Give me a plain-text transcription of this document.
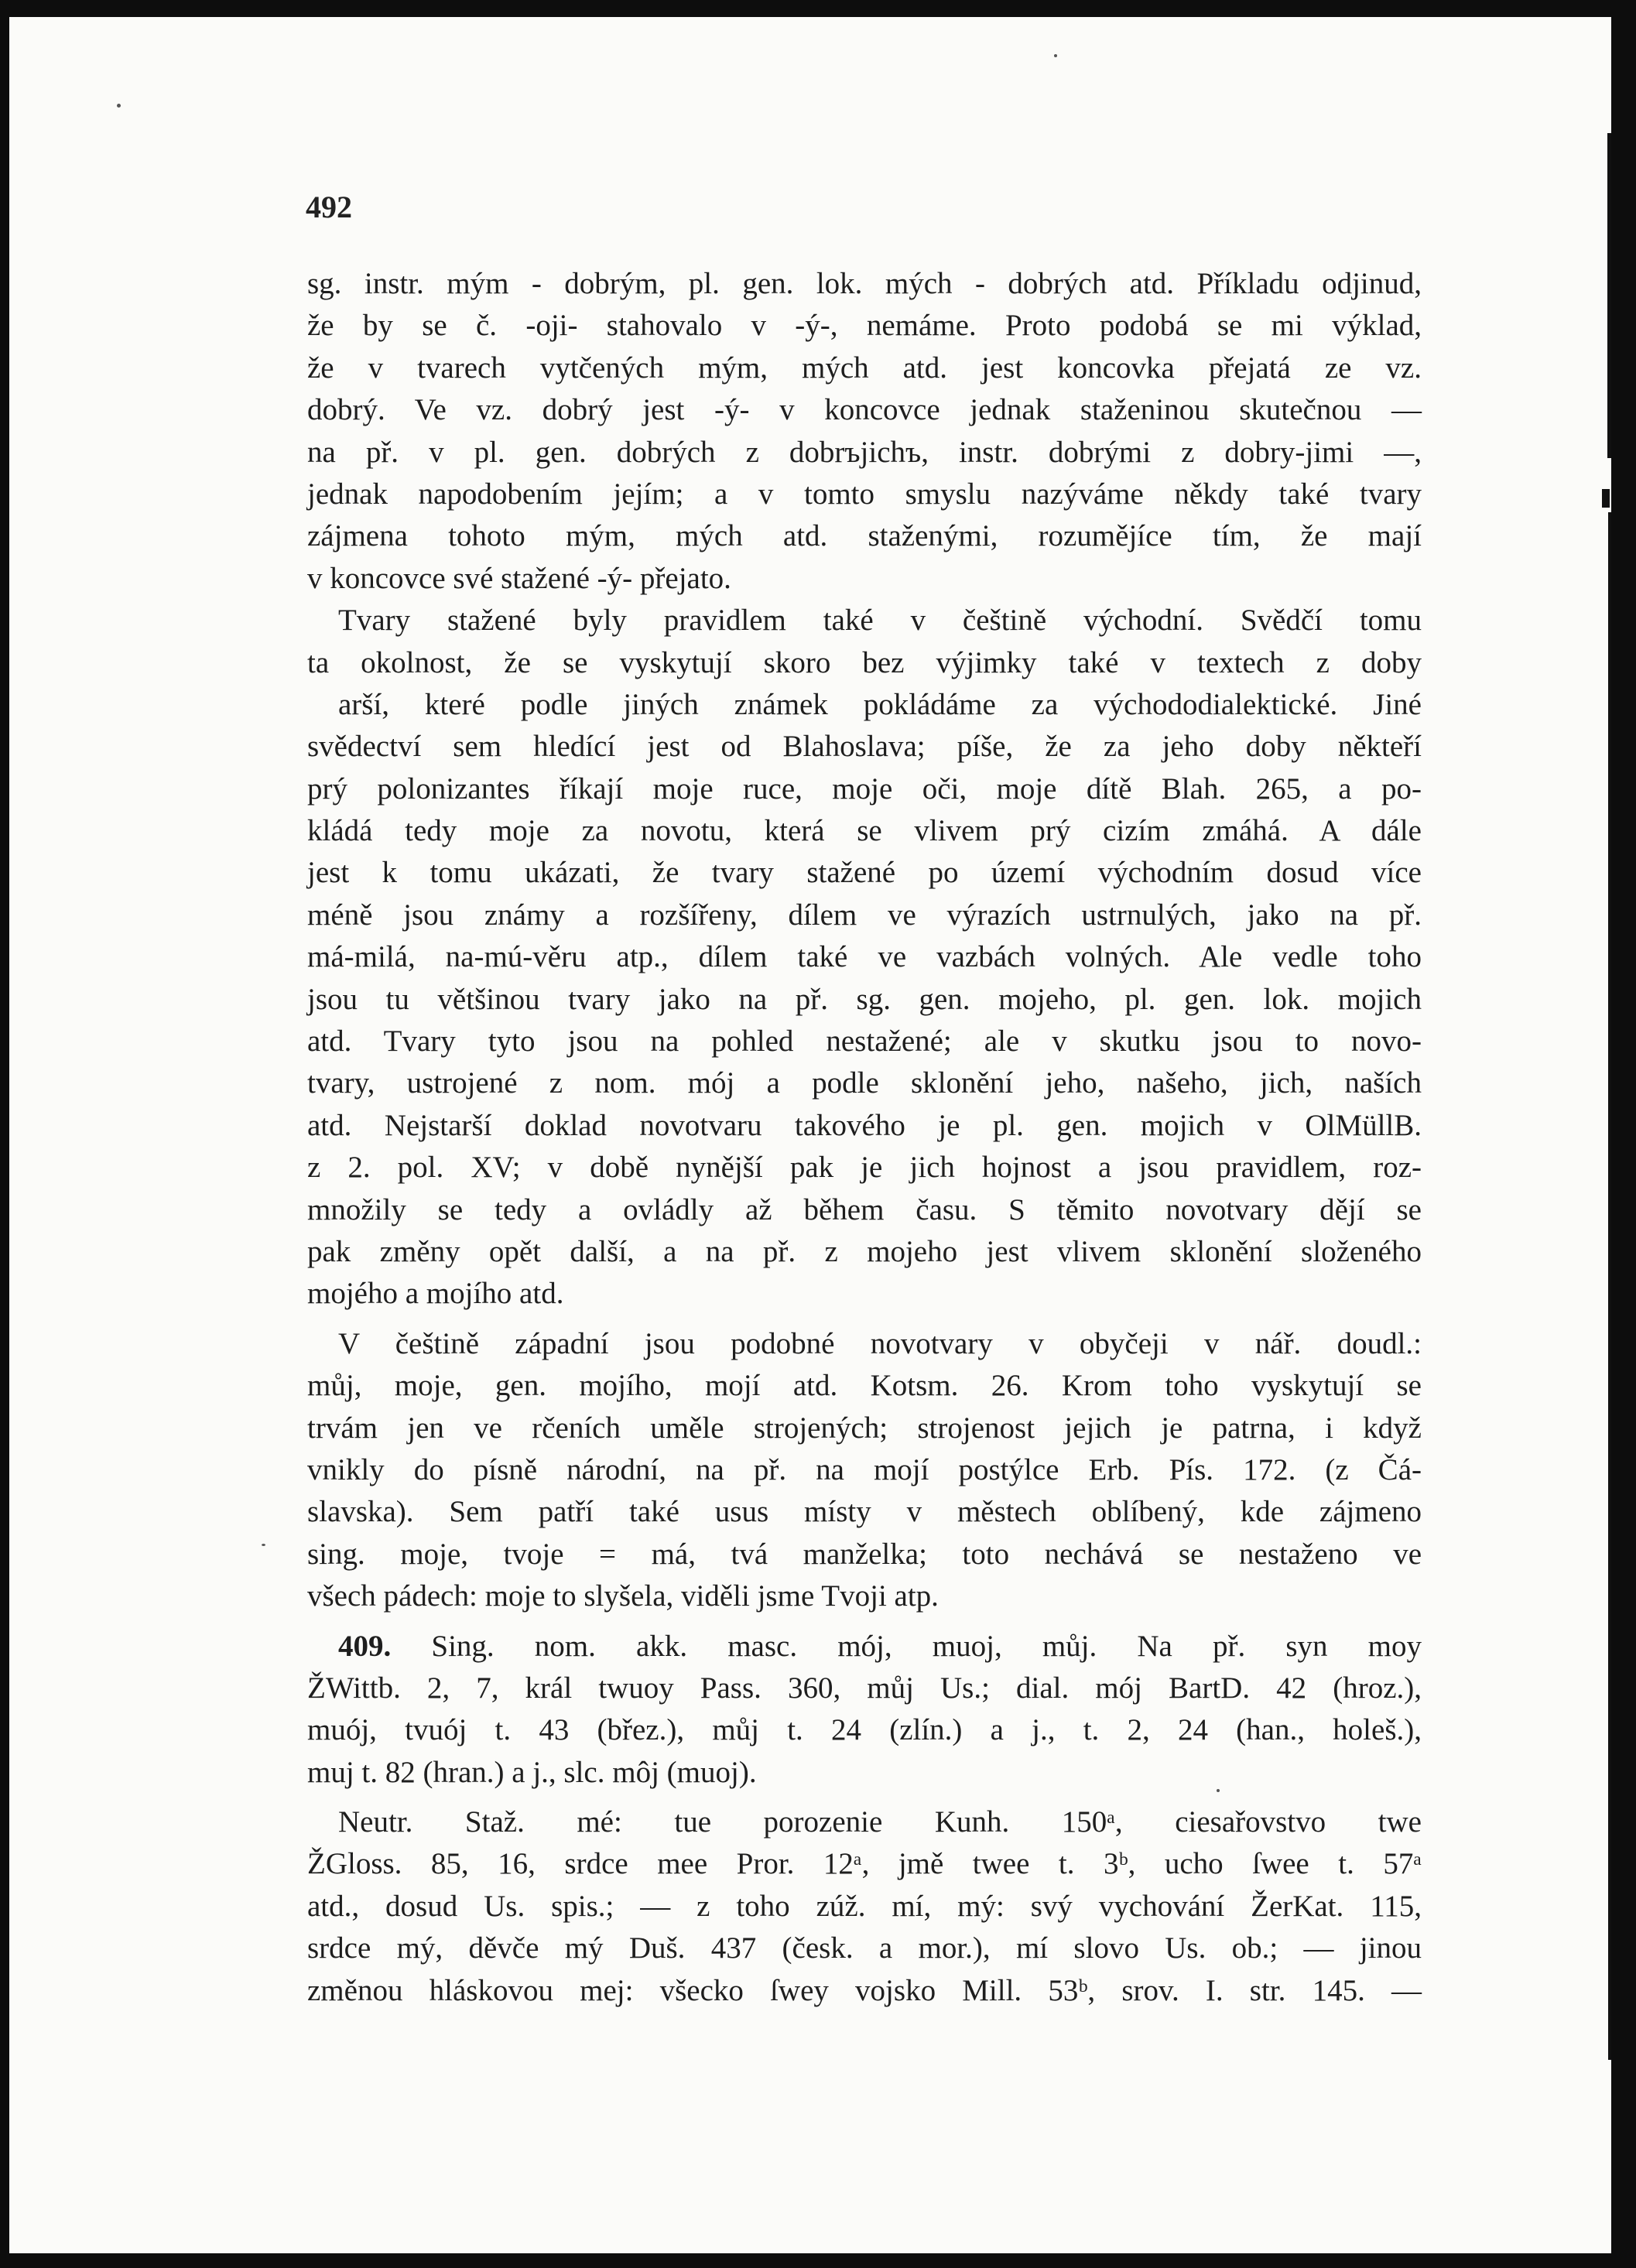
492
sg. instr. mým - dobrým, pl. gen. lok. mých - dobrých atd. Příkladu odjinud,
že by se č. -oji- stahovalo v -ý-, nemáme. Proto podobá se mi výklad,
že v tvarech vytčených mým, mých atd. jest koncovka přejatá ze vz.
dobrý. Ve vz. dobrý jest -ý- v koncovce jednak staženinou skutečnou —
na př. v pl. gen. dobrých z dobrъjichъ, instr. dobrými z dobry-jimi —,
jednak napodobením jejím; a v tomto smyslu nazýváme někdy také tvary
zájmena tohoto mým, mých atd. staženými, rozumějíce tím, že mají
v koncovce své stažené -ý- přejato.
Tvary stažené byly pravidlem také v češtině východní. Svědčí tomu
ta okolnost, že se vyskytují skoro bez výjimky také v textech z doby
arší, které podle jiných známek pokládáme za východodialektické. Jiné
svědectví sem hledící jest od Blahoslava; píše, že za jeho doby někteří
prý polonizantes říkají moje ruce, moje oči, moje dítě Blah. 265, a po-
kládá tedy moje za novotu, která se vlivem prý cizím zmáhá. A dále
jest k tomu ukázati, že tvary stažené po území východním dosud více
méně jsou známy a rozšířeny, dílem ve výrazích ustrnulých, jako na př.
má-milá, na-mú-věru atp., dílem také ve vazbách volných. Ale vedle toho
jsou tu většinou tvary jako na př. sg. gen. mojeho, pl. gen. lok. mojich
atd. Tvary tyto jsou na pohled nestažené; ale v skutku jsou to novo-
tvary, ustrojené z nom. mój a podle sklonění jeho, našeho, jich, naších
atd. Nejstarší doklad novotvaru takového je pl. gen. mojich v OlMüllB.
z 2. pol. XV; v době nynější pak je jich hojnost a jsou pravidlem, roz-
množily se tedy a ovládly až během času. S těmito novotvary dějí se
pak změny opět další, a na př. z mojeho jest vlivem sklonění složeného
mojého a mojího atd.
V češtině západní jsou podobné novotvary v obyčeji v nář. doudl.:
můj, moje, gen. mojího, mojí atd. Kotsm. 26. Krom toho vyskytují se
trvám jen ve rčeních uměle strojených; strojenost jejich je patrna, i když
vnikly do písně národní, na př. na mojí postýlce Erb. Pís. 172. (z Čá-
slavska). Sem patří také usus místy v městech oblíbený, kde zájmeno
sing. moje, tvoje = má, tvá manželka; toto nechává se nestaženo ve
všech pádech: moje to slyšela, viděli jsme Tvoji atp.
409. Sing. nom. akk. masc. mój, muoj, můj. Na př. syn moy
ŽWittb. 2, 7, král twuoy Pass. 360, můj Us.; dial. mój BartD. 42 (hroz.),
muój, tvuój t. 43 (břez.), můj t. 24 (zlín.) a j., t. 2, 24 (han., holeš.),
muj t. 82 (hran.) a j., slc. môj (muoj).
Neutr. Stаž. mé: tue porozenie Kunh. 150ᵃ, ciesařovstvo twe
ŽGloss. 85, 16, srdce mee Pror. 12ᵃ, jmě twee t. 3ᵇ, ucho ſwee t. 57ᵃ
atd., dosud Us. spis.; — z toho zúž. mí, mý: svý vychování ŽerKat. 115,
srdce mý, děvče mý Duš. 437 (česk. a mor.), mí slovo Us. ob.; — jinou
změnou hláskovou mej: všecko ſwey vojsko Mill. 53ᵇ, srov. I. str. 145. —
